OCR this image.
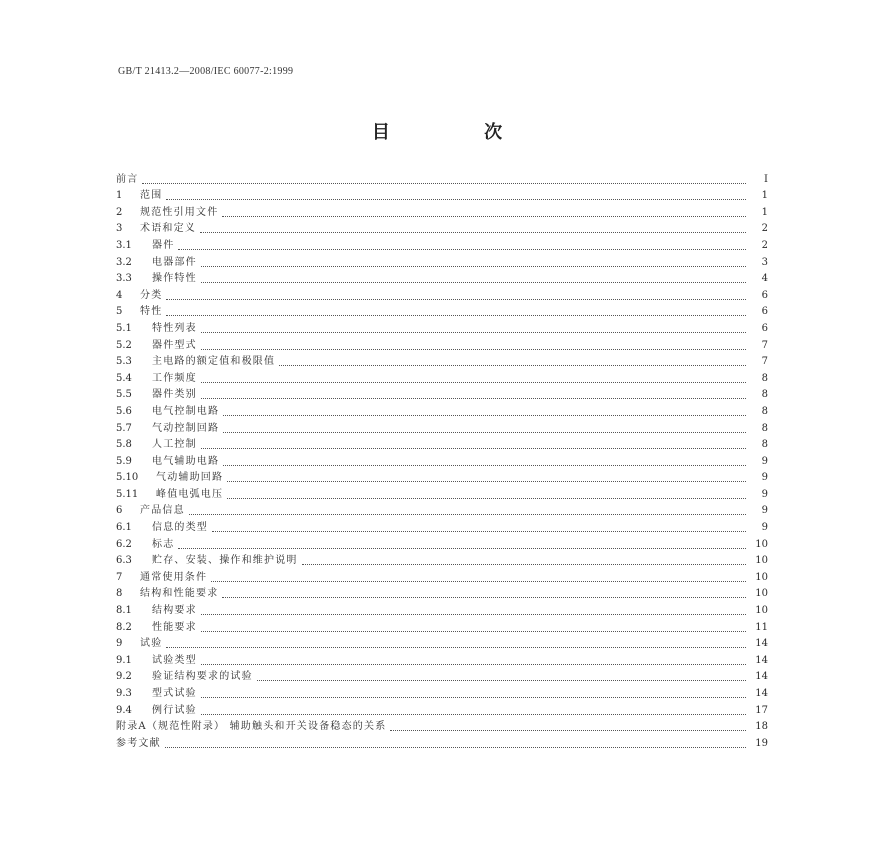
GB/T 21413.2—2008/IEC 60077-2:1999
目 次
前言	I
1	范围	1
2	规范性引用文件	1
3	术语和定义	2
3.1	器件	2
3.2	电器部件	3
3.3	操作特性	4
4	分类	6
5	特性	6
5.1	特性列表	6
5.2	器件型式	7
5.3	主电路的额定值和极限值	7
5.4	工作频度	8
5.5	器件类别	8
5.6	电气控制电路	8
5.7	气动控制回路	8
5.8	人工控制	8
5.9	电气辅助电路	9
5.10	气动辅助回路	9
5.11	峰值电弧电压	9
6	产品信息	9
6.1	信息的类型	9
6.2	标志	10
6.3	贮存、安装、操作和维护说明	10
7	通常使用条件	10
8	结构和性能要求	10
8.1	结构要求	10
8.2	性能要求	11
9	试验	14
9.1	试验类型	14
9.2	验证结构要求的试验	14
9.3	型式试验	14
9.4	例行试验	17
附录A（规范性附录） 辅助触头和开关设备稳态的关系	18
参考文献	19
